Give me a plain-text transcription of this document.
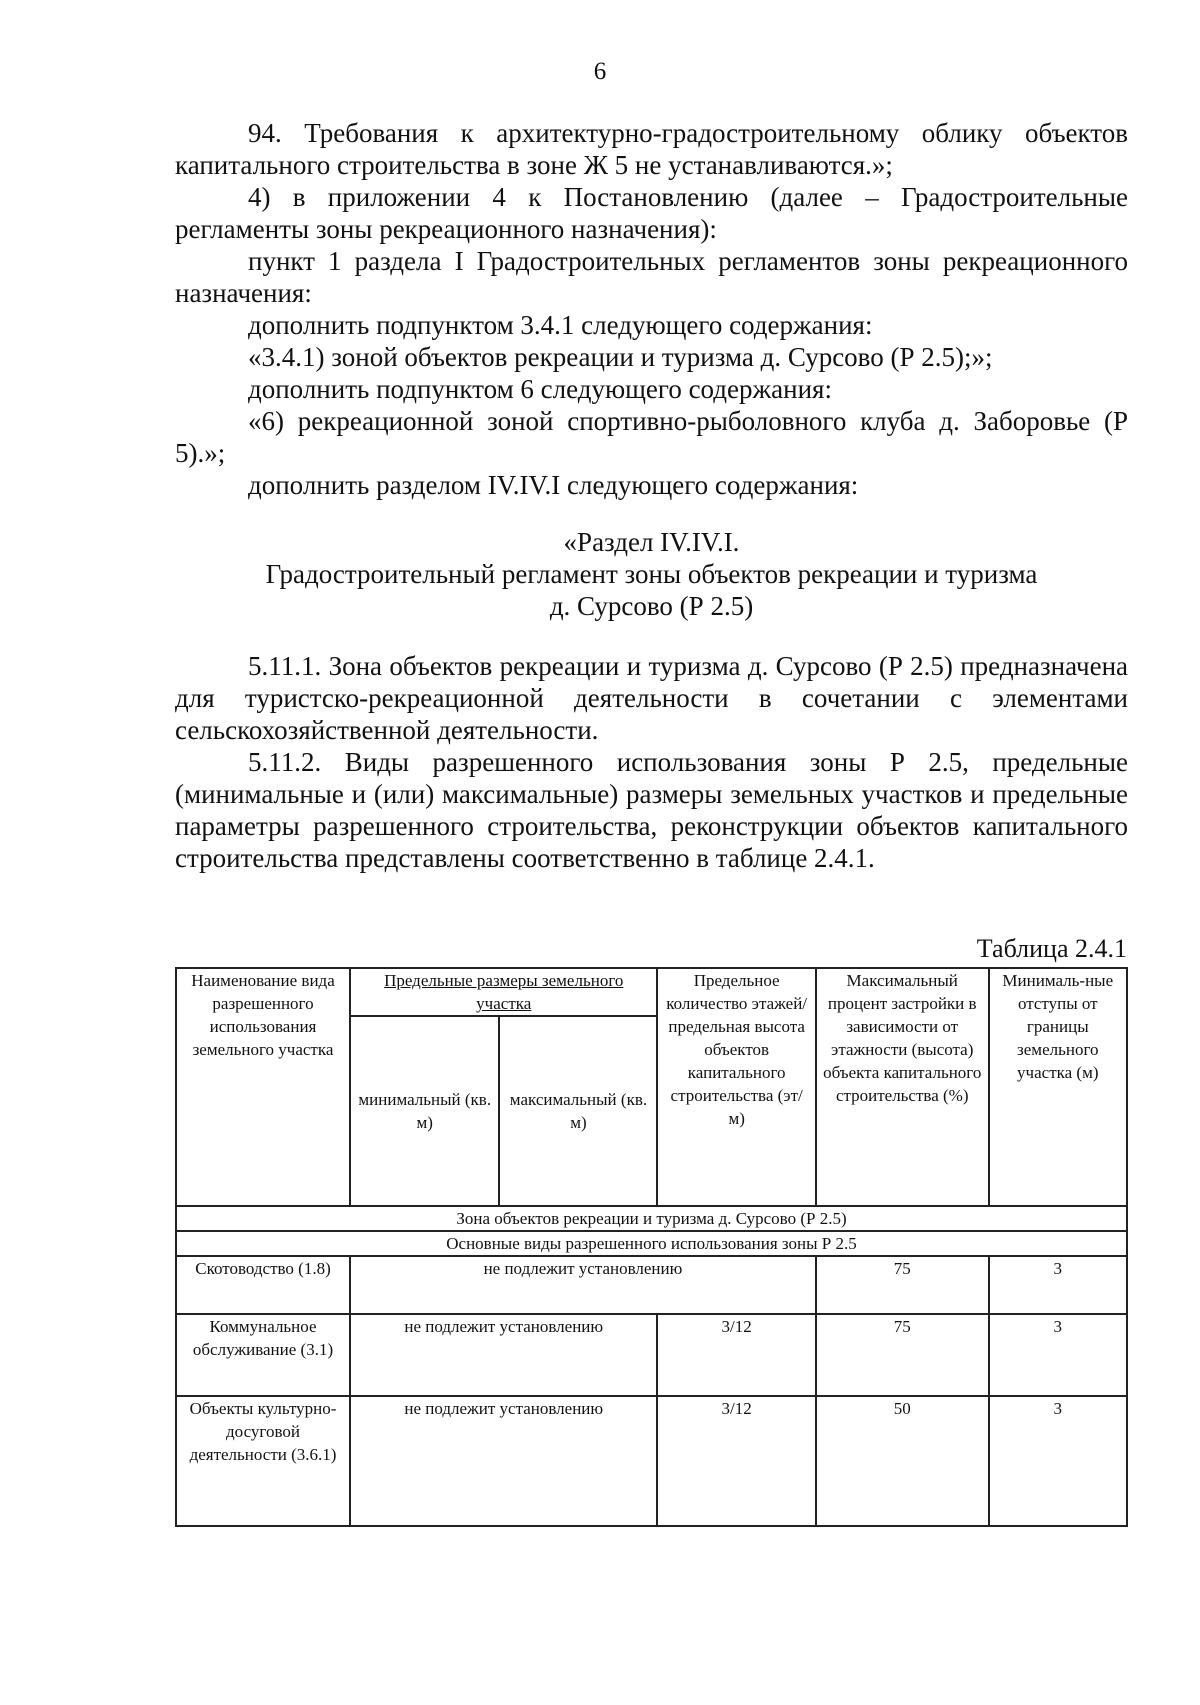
6

94. Требования к архитектурно-градостроительному облику объектов капитального строительства в зоне Ж 5 не устанавливаются.»;

4) в приложении 4 к Постановлению (далее – Градостроительные регламенты зоны рекреационного назначения):

пункт 1 раздела I Градостроительных регламентов зоны рекреационного назначения:

дополнить подпунктом 3.4.1 следующего содержания:

«3.4.1) зоной объектов рекреации и туризма д. Сурсово (Р 2.5);»;

дополнить подпунктом 6 следующего содержания:

«6) рекреационной зоной спортивно-рыболовного клуба д. Заборовье (Р 5).»;

дополнить разделом IV.IV.I следующего содержания:

«Раздел IV.IV.I.
Градостроительный регламент зоны объектов рекреации и туризма
д. Сурсово (Р 2.5)

5.11.1. Зона объектов рекреации и туризма д. Сурсово (Р 2.5) предназначена для туристско-рекреационной деятельности в сочетании с элементами сельскохозяйственной деятельности.

5.11.2. Виды разрешенного использования зоны Р 2.5, предельные (минимальные и (или) максимальные) размеры земельных участков и предельные параметры разрешенного строительства, реконструкции объектов капитального строительства представлены соответственно в таблице 2.4.1.

Таблица 2.4.1
Наименование вида разрешенного использования земельного участка	Предельные размеры земельного участка		Предельное количество этажей/ предельная высота объектов капитального строительства (эт/м)	Максимальный процент застройки в зависимости от этажности (высота) объекта капитального строительства (%)	Минималь-ные отступы от границы земельного участка (м)
	минимальный (кв. м)	максимальный (кв. м)			
Зона объектов рекреации и туризма д. Сурсово (Р 2.5)					
Основные виды разрешенного использования зоны Р 2.5					
Скотоводство (1.8)	не подлежит установлению			75	3
Коммунальное обслуживание (3.1)	не подлежит установлению		3/12	75	3
Объекты культурно-досуговой деятельности (3.6.1)	не подлежит установлению		3/12	50	3
